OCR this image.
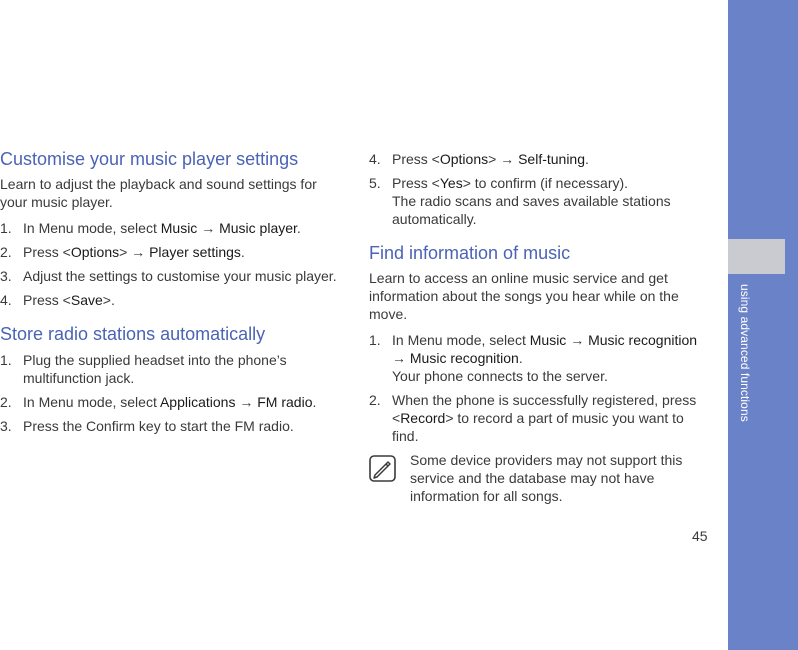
using advanced functions
45
Customise your music player settings

Learn to adjust the playback and sound settings for your music player.

1. In Menu mode, select Music → Music player.
2. Press <Options> → Player settings.
3. Adjust the settings to customise your music player.
4. Press <Save>.
Store radio stations automatically
1. Plug the supplied headset into the phone’s multifunction jack.
2. In Menu mode, select Applications → FM radio.
3. Press the Confirm key to start the FM radio.
4. Press <Options> → Self-tuning.
5. Press <Yes> to confirm (if necessary).
The radio scans and saves available stations automatically.
Find information of music

Learn to access an online music service and get information about the songs you hear while on the move.

1. In Menu mode, select Music → Music recognition → Music recognition.
Your phone connects to the server.
2. When the phone is successfully registered, press <Record> to record a part of music you want to find.
Some device providers may not support this service and the database may not have information for all songs.
